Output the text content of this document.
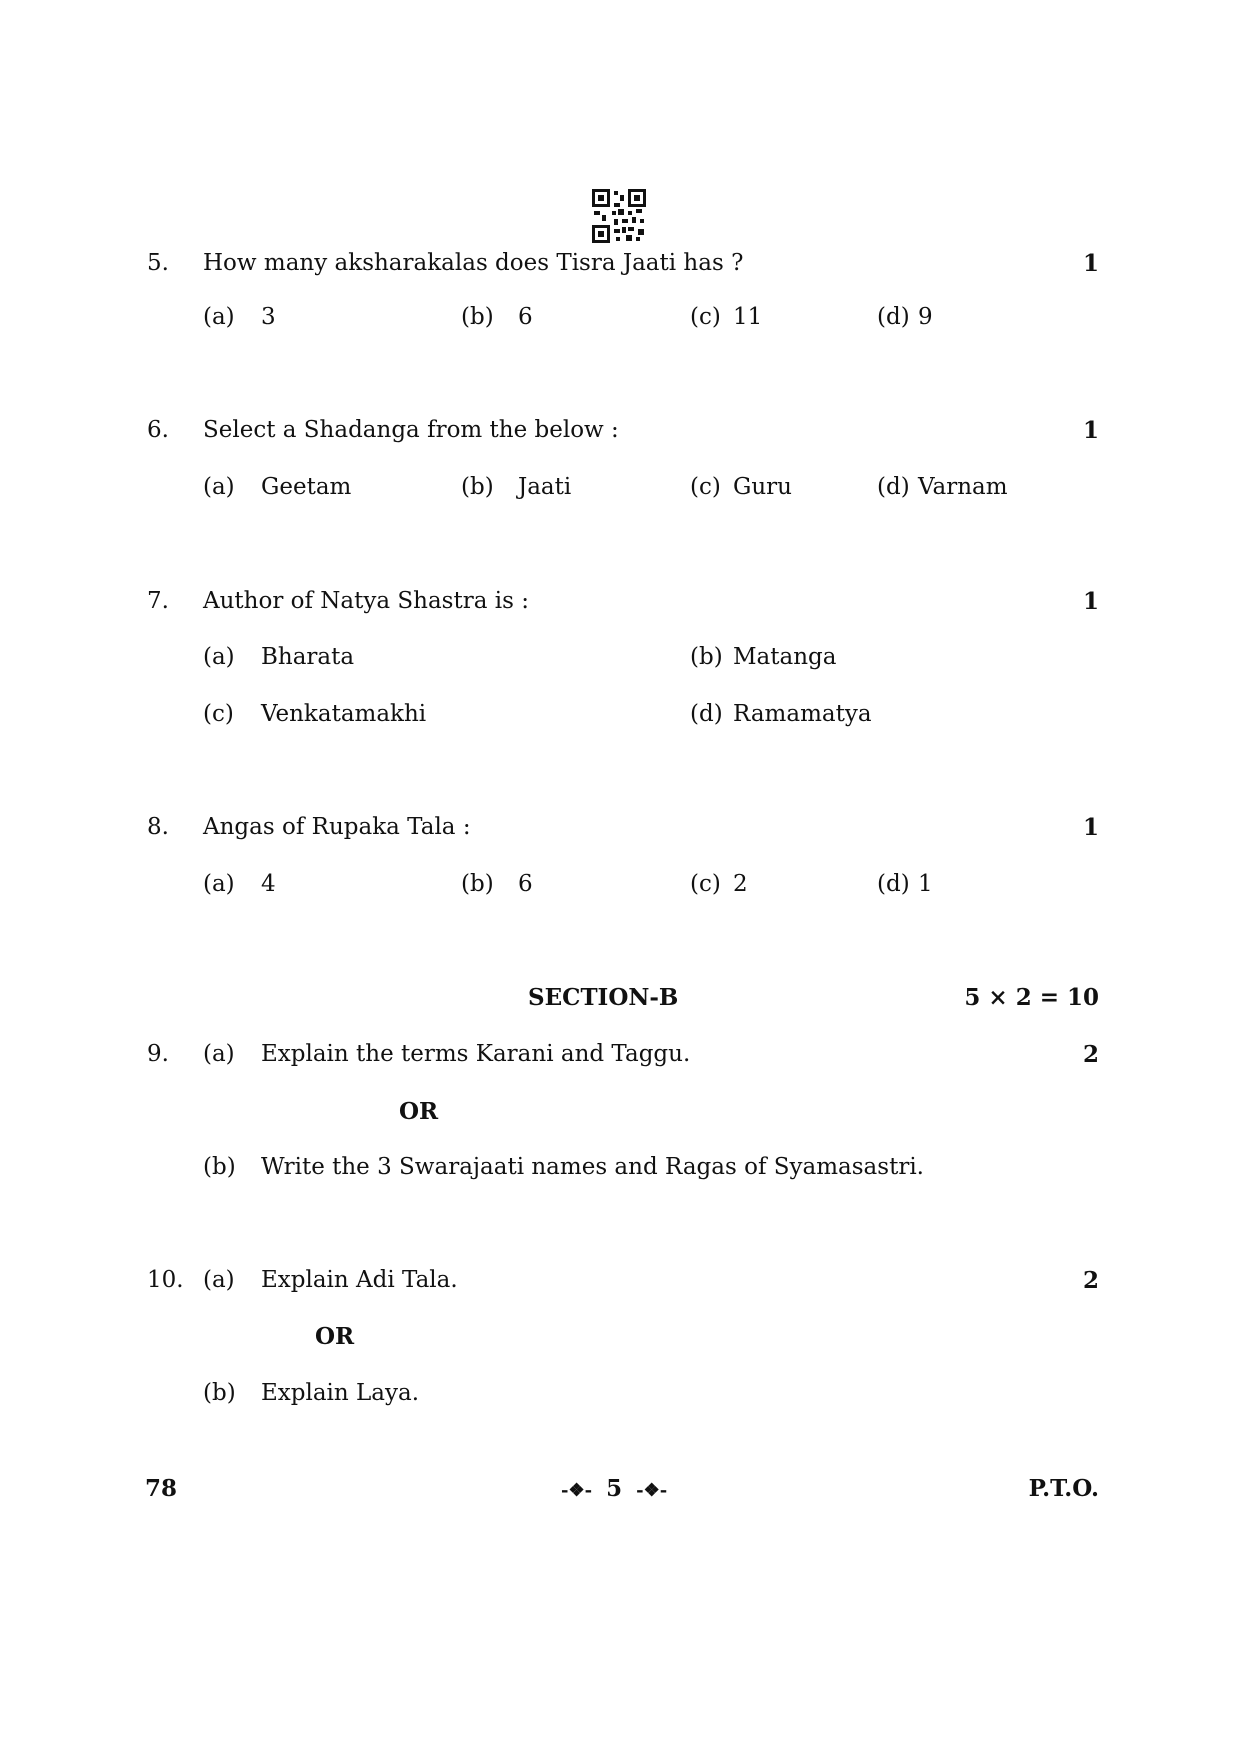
5. How many aksharakalas does Tisra Jaati has ?	1
(a) 3	(b) 6	(c) 11	(d) 9
6. Select a Shadanga from the below :	1
(a) Geetam	(b) Jaati	(c) Guru	(d) Varnam
7. Author of Natya Shastra is :	1
(a) Bharata	(b) Matanga
(c) Venkatamakhi	(d) Ramamatya
8. Angas of Rupaka Tala :	1
(a) 4	(b) 6	(c) 2	(d) 1
SECTION-B	5 × 2 = 10
9. (a) Explain the terms Karani and Taggu.	2
OR
(b) Write the 3 Swarajaati names and Ragas of Syamasastri.
10. (a) Explain Adi Tala.	2
OR
(b) Explain Laya.
78	-❖- 5 -❖-	P.T.O.
